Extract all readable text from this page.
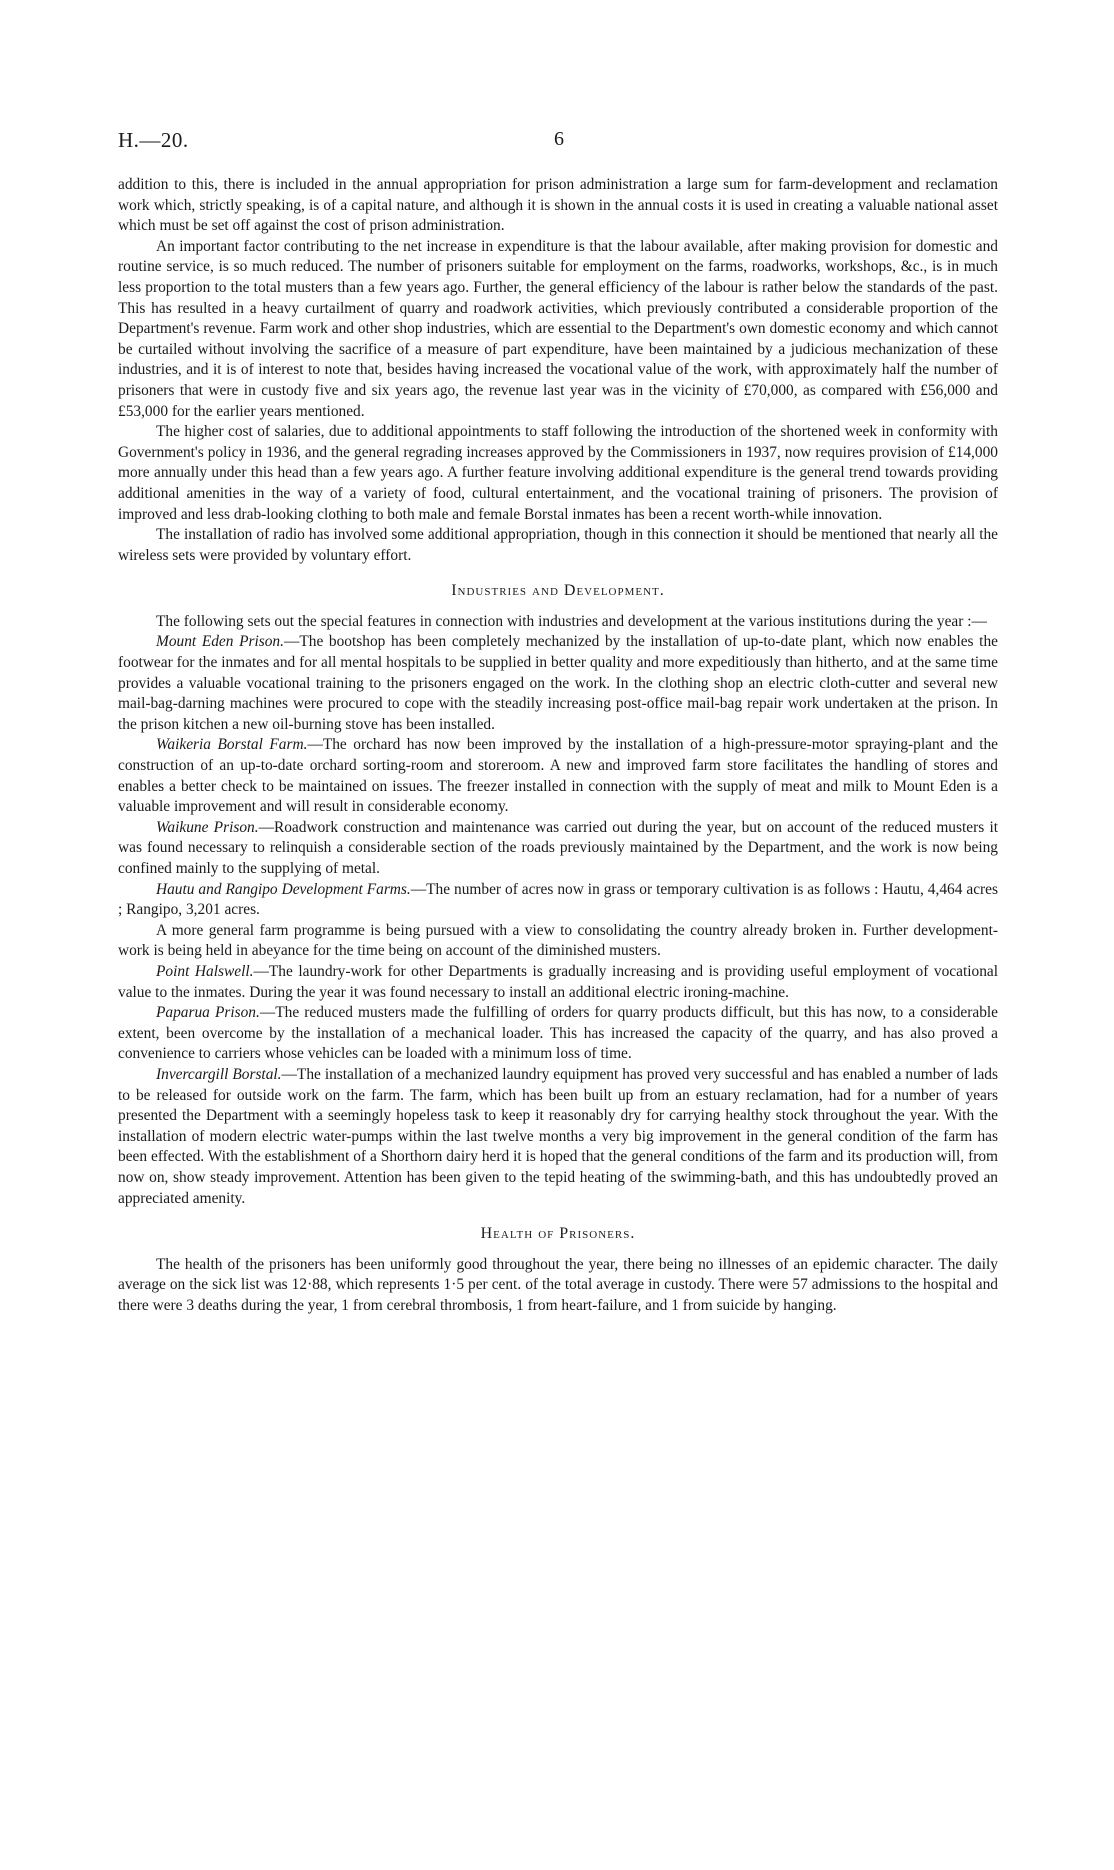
H.—20.	6

addition to this, there is included in the annual appropriation for prison administration a large sum for farm-development and reclamation work which, strictly speaking, is of a capital nature, and although it is shown in the annual costs it is used in creating a valuable national asset which must be set off against the cost of prison administration.

An important factor contributing to the net increase in expenditure is that the labour available, after making provision for domestic and routine service, is so much reduced. The number of prisoners suitable for employment on the farms, roadworks, workshops, &c., is in much less proportion to the total musters than a few years ago. Further, the general efficiency of the labour is rather below the standards of the past. This has resulted in a heavy curtailment of quarry and roadwork activities, which previously contributed a considerable proportion of the Department's revenue. Farm work and other shop industries, which are essential to the Department's own domestic economy and which cannot be curtailed without involving the sacrifice of a measure of part expenditure, have been maintained by a judicious mechanization of these industries, and it is of interest to note that, besides having increased the vocational value of the work, with approximately half the number of prisoners that were in custody five and six years ago, the revenue last year was in the vicinity of £70,000, as compared with £56,000 and £53,000 for the earlier years mentioned.

The higher cost of salaries, due to additional appointments to staff following the introduction of the shortened week in conformity with Government's policy in 1936, and the general regrading increases approved by the Commissioners in 1937, now requires provision of £14,000 more annually under this head than a few years ago. A further feature involving additional expenditure is the general trend towards providing additional amenities in the way of a variety of food, cultural entertainment, and the vocational training of prisoners. The provision of improved and less drab-looking clothing to both male and female Borstal inmates has been a recent worth-while innovation.

The installation of radio has involved some additional appropriation, though in this connection it should be mentioned that nearly all the wireless sets were provided by voluntary effort.

Industries and Development.

The following sets out the special features in connection with industries and development at the various institutions during the year :—

Mount Eden Prison.—The bootshop has been completely mechanized by the installation of up-to-date plant, which now enables the footwear for the inmates and for all mental hospitals to be supplied in better quality and more expeditiously than hitherto, and at the same time provides a valuable vocational training to the prisoners engaged on the work. In the clothing shop an electric cloth-cutter and several new mail-bag-darning machines were procured to cope with the steadily increasing post-office mail-bag repair work undertaken at the prison. In the prison kitchen a new oil-burning stove has been installed.

Waikeria Borstal Farm.—The orchard has now been improved by the installation of a high-pressure-motor spraying-plant and the construction of an up-to-date orchard sorting-room and storeroom. A new and improved farm store facilitates the handling of stores and enables a better check to be maintained on issues. The freezer installed in connection with the supply of meat and milk to Mount Eden is a valuable improvement and will result in considerable economy.

Waikune Prison.—Roadwork construction and maintenance was carried out during the year, but on account of the reduced musters it was found necessary to relinquish a considerable section of the roads previously maintained by the Department, and the work is now being confined mainly to the supplying of metal.

Hautu and Rangipo Development Farms.—The number of acres now in grass or temporary cultivation is as follows : Hautu, 4,464 acres ; Rangipo, 3,201 acres.

A more general farm programme is being pursued with a view to consolidating the country already broken in. Further development-work is being held in abeyance for the time being on account of the diminished musters.

Point Halswell.—The laundry-work for other Departments is gradually increasing and is providing useful employment of vocational value to the inmates. During the year it was found necessary to install an additional electric ironing-machine.

Paparua Prison.—The reduced musters made the fulfilling of orders for quarry products difficult, but this has now, to a considerable extent, been overcome by the installation of a mechanical loader. This has increased the capacity of the quarry, and has also proved a convenience to carriers whose vehicles can be loaded with a minimum loss of time.

Invercargill Borstal.—The installation of a mechanized laundry equipment has proved very successful and has enabled a number of lads to be released for outside work on the farm. The farm, which has been built up from an estuary reclamation, had for a number of years presented the Department with a seemingly hopeless task to keep it reasonably dry for carrying healthy stock throughout the year. With the installation of modern electric water-pumps within the last twelve months a very big improvement in the general condition of the farm has been effected. With the establishment of a Shorthorn dairy herd it is hoped that the general conditions of the farm and its production will, from now on, show steady improvement. Attention has been given to the tepid heating of the swimming-bath, and this has undoubtedly proved an appreciated amenity.

Health of Prisoners.

The health of the prisoners has been uniformly good throughout the year, there being no illnesses of an epidemic character. The daily average on the sick list was 12·88, which represents 1·5 per cent. of the total average in custody. There were 57 admissions to the hospital and there were 3 deaths during the year, 1 from cerebral thrombosis, 1 from heart-failure, and 1 from suicide by hanging.
